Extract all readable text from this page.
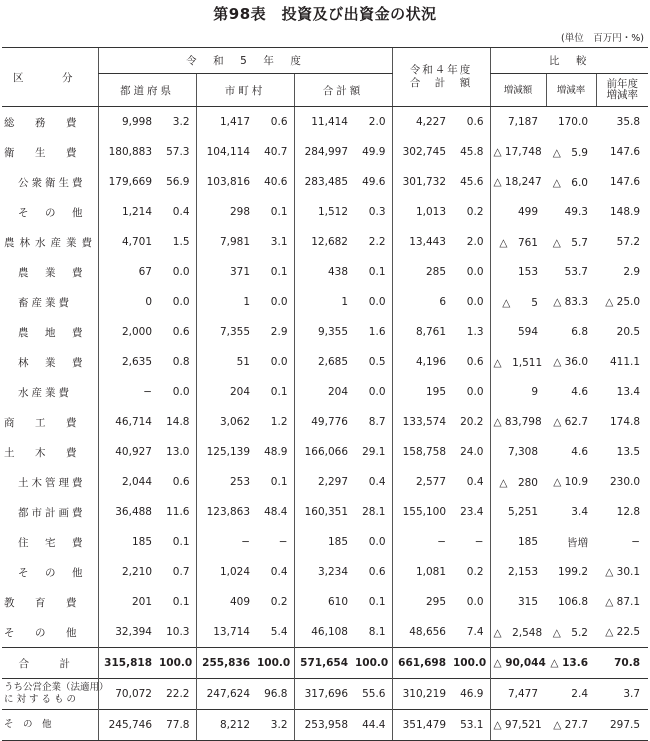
第98表　投資及び出資金の状況
(単位　百万円・%)
区　分	令　和　5　年　度						令和４年度
合　計　額		比　較		
	都道府県		市町村		合計額				増減額	増減率	前年度
増減率

総　務　費	9,998	3.2	1,417	0.6	11,414	2.0	4,227	0.6	7,187	170.0	35.8
衛　生　費	180,883	57.3	104,114	40.7	284,997	49.9	302,745	45.8	△ 17,748	△　5.9	147.6
公衆衛生費	179,669	56.9	103,816	40.6	283,485	49.6	301,732	45.6	△ 18,247	△　6.0	147.6
そ　の　他	1,214	0.4	298	0.1	1,512	0.3	1,013	0.2	499	49.3	148.9
農林水産業費	4,701	1.5	7,981	3.1	12,682	2.2	13,443	2.0	△　761	△　5.7	57.2
農　業　費	67	0.0	371	0.1	438	0.1	285	0.0	153	53.7	2.9
畜産業費	0	0.0	1	0.0	1	0.0	6	0.0	△　　5	△ 83.3	△ 25.0
農　地　費	2,000	0.6	7,355	2.9	9,355	1.6	8,761	1.3	594	6.8	20.5
林　業　費	2,635	0.8	51	0.0	2,685	0.5	4,196	0.6	△　1,511	△ 36.0	411.1
水産業費	−	0.0	204	0.1	204	0.0	195	0.0	9	4.6	13.4
商　工　費	46,714	14.8	3,062	1.2	49,776	8.7	133,574	20.2	△ 83,798	△ 62.7	174.8
土　木　費	40,927	13.0	125,139	48.9	166,066	29.1	158,758	24.0	7,308	4.6	13.5
土木管理費	2,044	0.6	253	0.1	2,297	0.4	2,577	0.4	△　280	△ 10.9	230.0
都市計画費	36,488	11.6	123,863	48.4	160,351	28.1	155,100	23.4	5,251	3.4	12.8
住　宅　費	185	0.1	−	−	185	0.0	−	−	185	皆増	−
そ　の　他	2,210	0.7	1,024	0.4	3,234	0.6	1,081	0.2	2,153	199.2	△ 30.1
教　育　費	201	0.1	409	0.2	610	0.1	295	0.0	315	106.8	△ 87.1
そ　の　他	32,394	10.3	13,714	5.4	46,108	8.1	48,656	7.4	△　2,548	△　5.2	△ 22.5
合　計	315,818	100.0	255,836	100.0	571,654	100.0	661,698	100.0	△ 90,044	△ 13.6	70.8

うち公営企業（法適用）
に対するもの	70,072	22.2	247,624	96.8	317,696	55.6	310,219	46.9	7,477	2.4	3.7

そ　の　他	245,746	77.8	8,212	3.2	253,958	44.4	351,479	53.1	△ 97,521	△ 27.7	297.5
